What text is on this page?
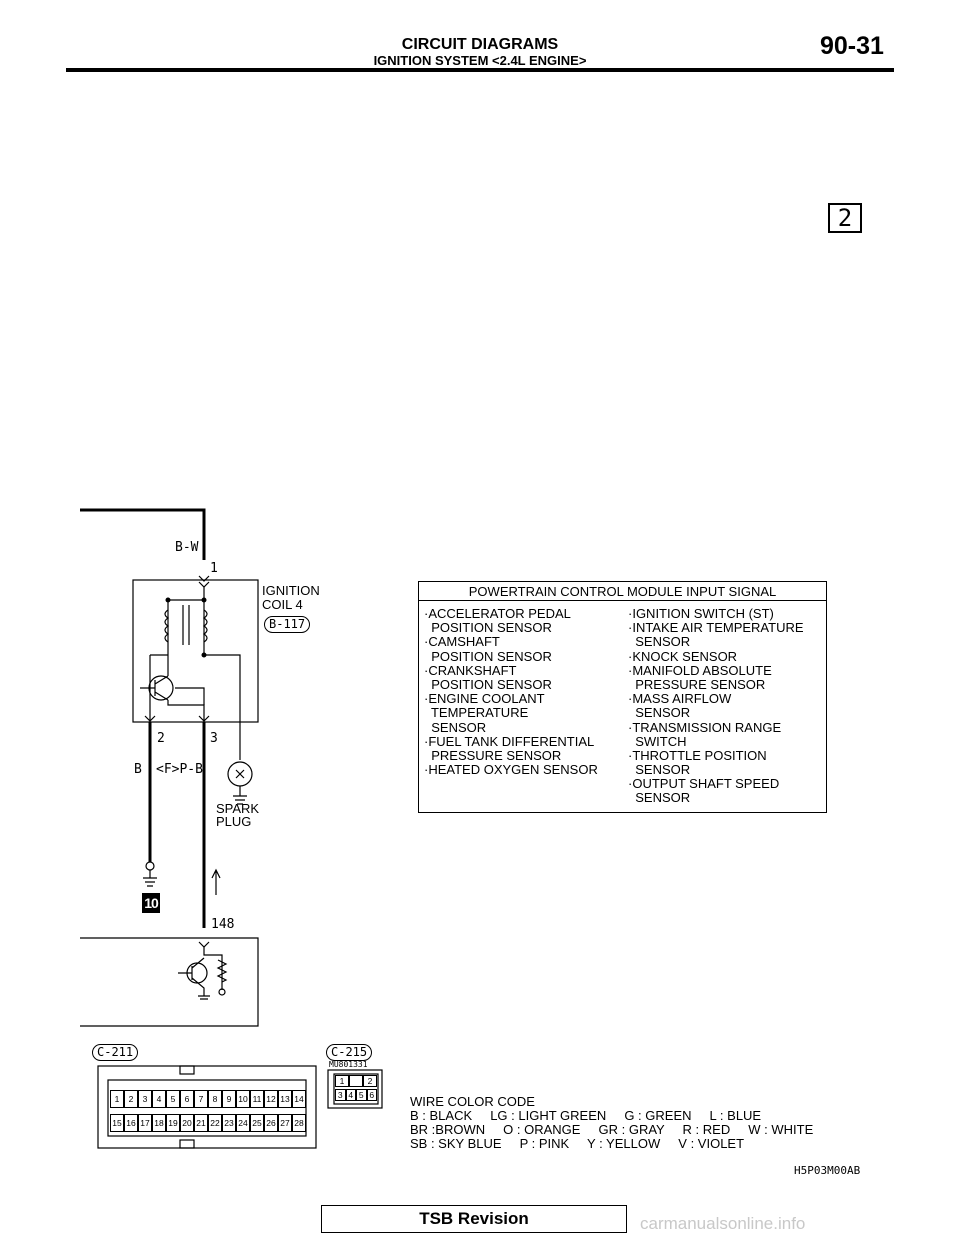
CIRCUIT DIAGRAMS
IGNITION SYSTEM <2.4L ENGINE>
90-31
2
B-W
1
IGNITION
COIL 4
B-117
2	3
B <F>P-B
SPARK
PLUG
10
148
POWERTRAIN CONTROL MODULE INPUT SIGNAL
·ACCELERATOR PEDAL
POSITION SENSOR
·CAMSHAFT
POSITION SENSOR
·CRANKSHAFT
POSITION SENSOR
·ENGINE COOLANT
TEMPERATURE
SENSOR
·FUEL TANK DIFFERENTIAL
PRESSURE SENSOR
·HEATED OXYGEN SENSOR
·IGNITION SWITCH (ST)
·INTAKE AIR TEMPERATURE
SENSOR
·KNOCK SENSOR
·MANIFOLD ABSOLUTE
PRESSURE SENSOR
·MASS AIRFLOW
SENSOR
·TRANSMISSION RANGE
SWITCH
·THROTTLE POSITION
SENSOR
·OUTPUT SHAFT SPEED
SENSOR
C-211	C-215
MU801331
1	2	3	4	5	6	7	8	9 10 11 12 13 14
15 16 17 18 19 20 21 22 23 24 25 26 27 28
1	2
3 4 5 6	WIRE COLOR CODE
B : BLACK     LG : LIGHT GREEN     G : GREEN     L : BLUE
BR :BROWN     O : ORANGE     GR : GRAY     R : RED     W : WHITE
SB : SKY BLUE     P : PINK     Y : YELLOW     V : VIOLET
H5P03M00AB
TSB Revision	carmanualsonline.info
